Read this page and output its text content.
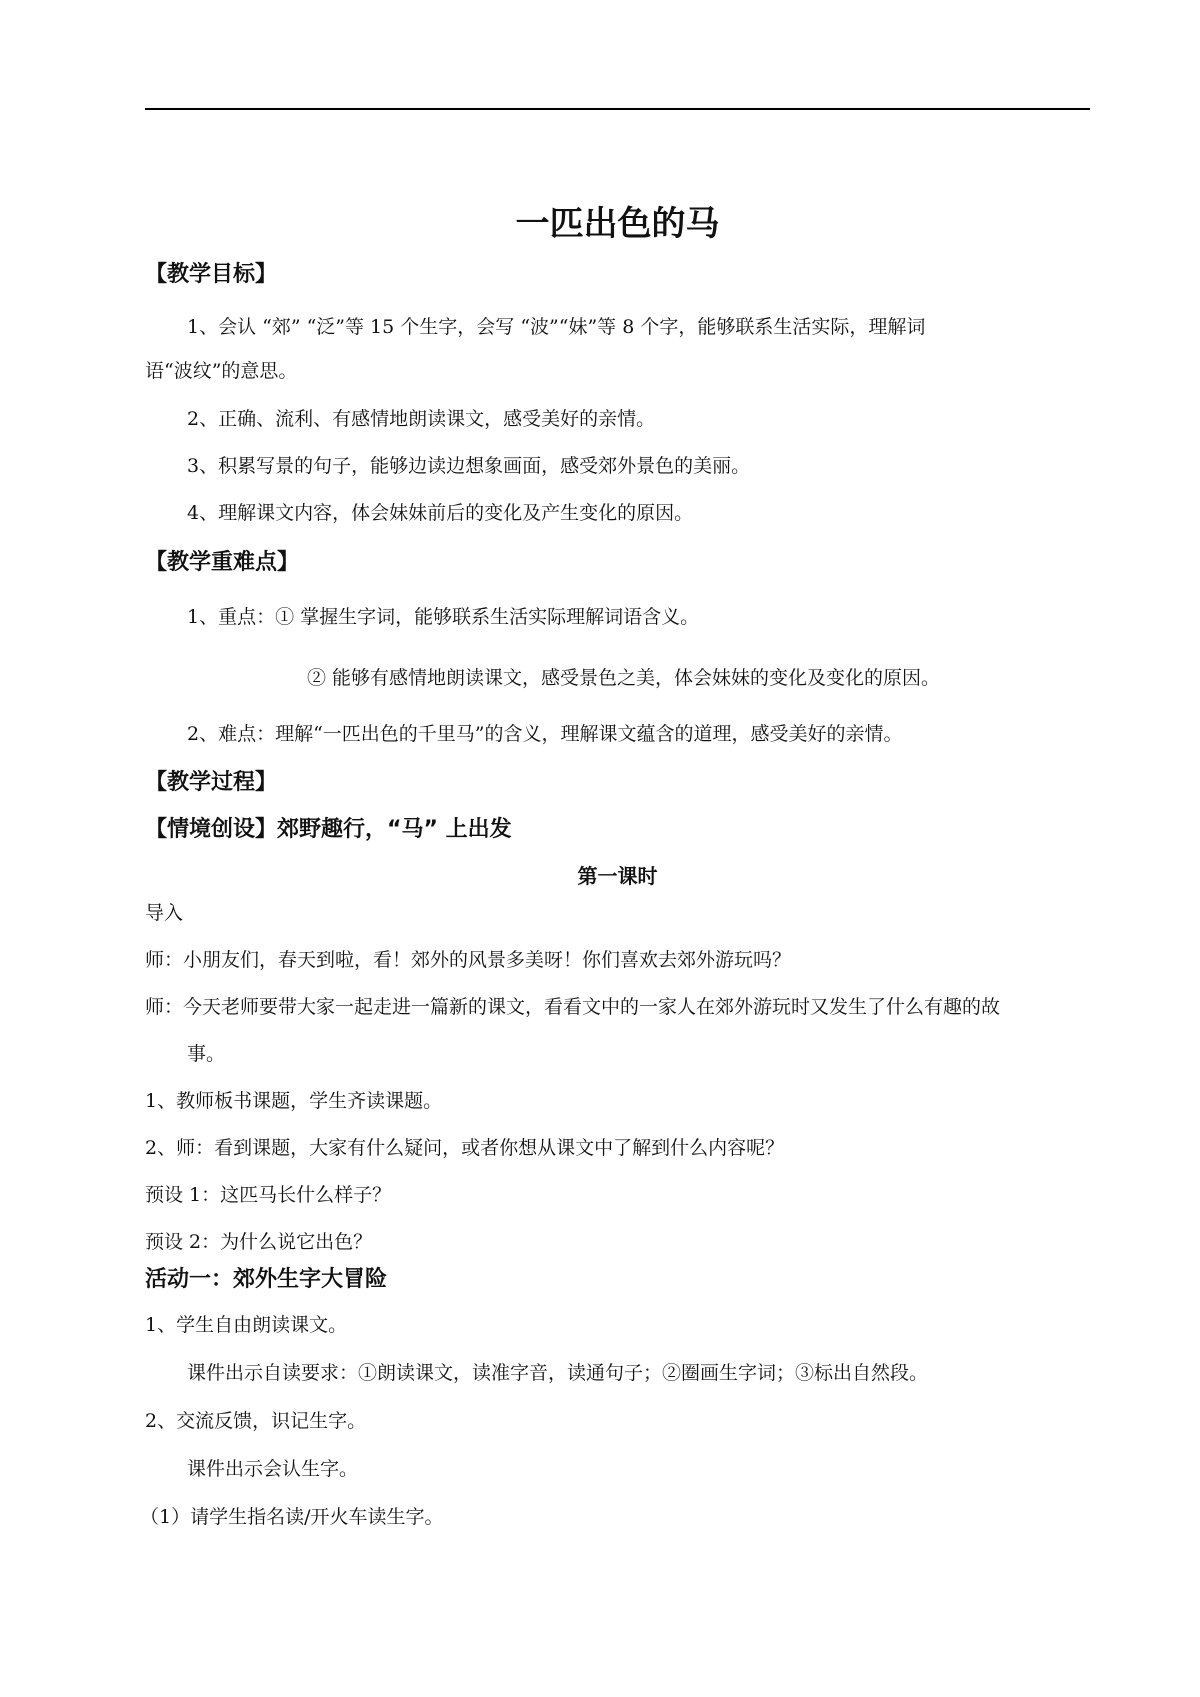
一匹出色的马
【教学目标】
1、会认 “郊” “泛”等 15 个生字，会写 “波”“妹”等 8 个字，能够联系生活实际，理解词
语“波纹”的意思。
2、正确、流利、有感情地朗读课文，感受美好的亲情。
3、积累写景的句子，能够边读边想象画面，感受郊外景色的美丽。
4、理解课文内容，体会妹妹前后的变化及产生变化的原因。
【教学重难点】
1、重点：① 掌握生字词，能够联系生活实际理解词语含义。
② 能够有感情地朗读课文，感受景色之美，体会妹妹的变化及变化的原因。
2、难点：理解“一匹出色的千里马”的含义，理解课文蕴含的道理，感受美好的亲情。
【教学过程】
【情境创设】郊野趣行，“马” 上出发
第一课时
导入
师：小朋友们，春天到啦，看！郊外的风景多美呀！你们喜欢去郊外游玩吗？
师：今天老师要带大家一起走进一篇新的课文，看看文中的一家人在郊外游玩时又发生了什么有趣的故
事。
1、教师板书课题，学生齐读课题。
2、师：看到课题，大家有什么疑问，或者你想从课文中了解到什么内容呢？
预设 1：这匹马长什么样子？
预设 2：为什么说它出色？
活动一：郊外生字大冒险
1、学生自由朗读课文。
课件出示自读要求：①朗读课文，读准字音，读通句子；②圈画生字词；③标出自然段。
2、交流反馈，识记生字。
课件出示会认生字。
（1）请学生指名读/开火车读生字。
